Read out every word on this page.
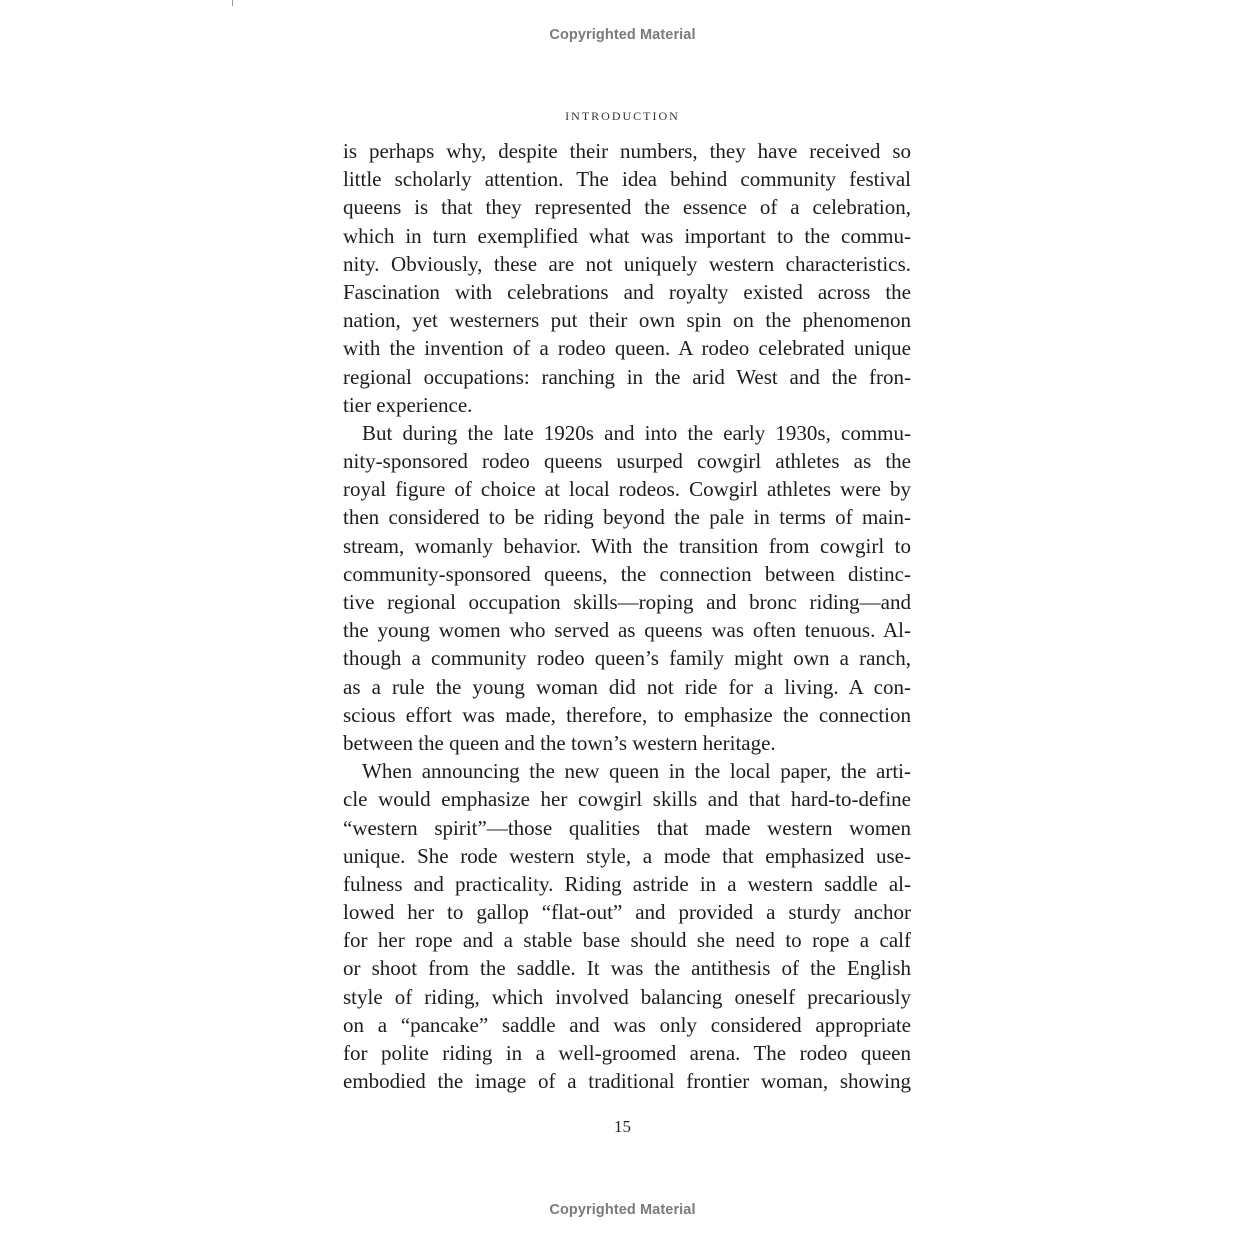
Copyrighted Material
INTRODUCTION
is perhaps why, despite their numbers, they have received so
little scholarly attention. The idea behind community festival
queens is that they represented the essence of a celebration,
which in turn exemplified what was important to the commu-
nity. Obviously, these are not uniquely western characteristics.
Fascination with celebrations and royalty existed across the
nation, yet westerners put their own spin on the phenomenon
with the invention of a rodeo queen. A rodeo celebrated unique
regional occupations: ranching in the arid West and the fron-
tier experience.
But during the late 1920s and into the early 1930s, commu-
nity-sponsored rodeo queens usurped cowgirl athletes as the
royal figure of choice at local rodeos. Cowgirl athletes were by
then considered to be riding beyond the pale in terms of main-
stream, womanly behavior. With the transition from cowgirl to
community-sponsored queens, the connection between distinc-
tive regional occupation skills—roping and bronc riding—and
the young women who served as queens was often tenuous. Al-
though a community rodeo queen’s family might own a ranch,
as a rule the young woman did not ride for a living. A con-
scious effort was made, therefore, to emphasize the connection
between the queen and the town’s western heritage.
When announcing the new queen in the local paper, the arti-
cle would emphasize her cowgirl skills and that hard-to-define
“western spirit”—those qualities that made western women
unique. She rode western style, a mode that emphasized use-
fulness and practicality. Riding astride in a western saddle al-
lowed her to gallop “flat-out” and provided a sturdy anchor
for her rope and a stable base should she need to rope a calf
or shoot from the saddle. It was the antithesis of the English
style of riding, which involved balancing oneself precariously
on a “pancake” saddle and was only considered appropriate
for polite riding in a well-groomed arena. The rodeo queen
embodied the image of a traditional frontier woman, showing
15
Copyrighted Material
